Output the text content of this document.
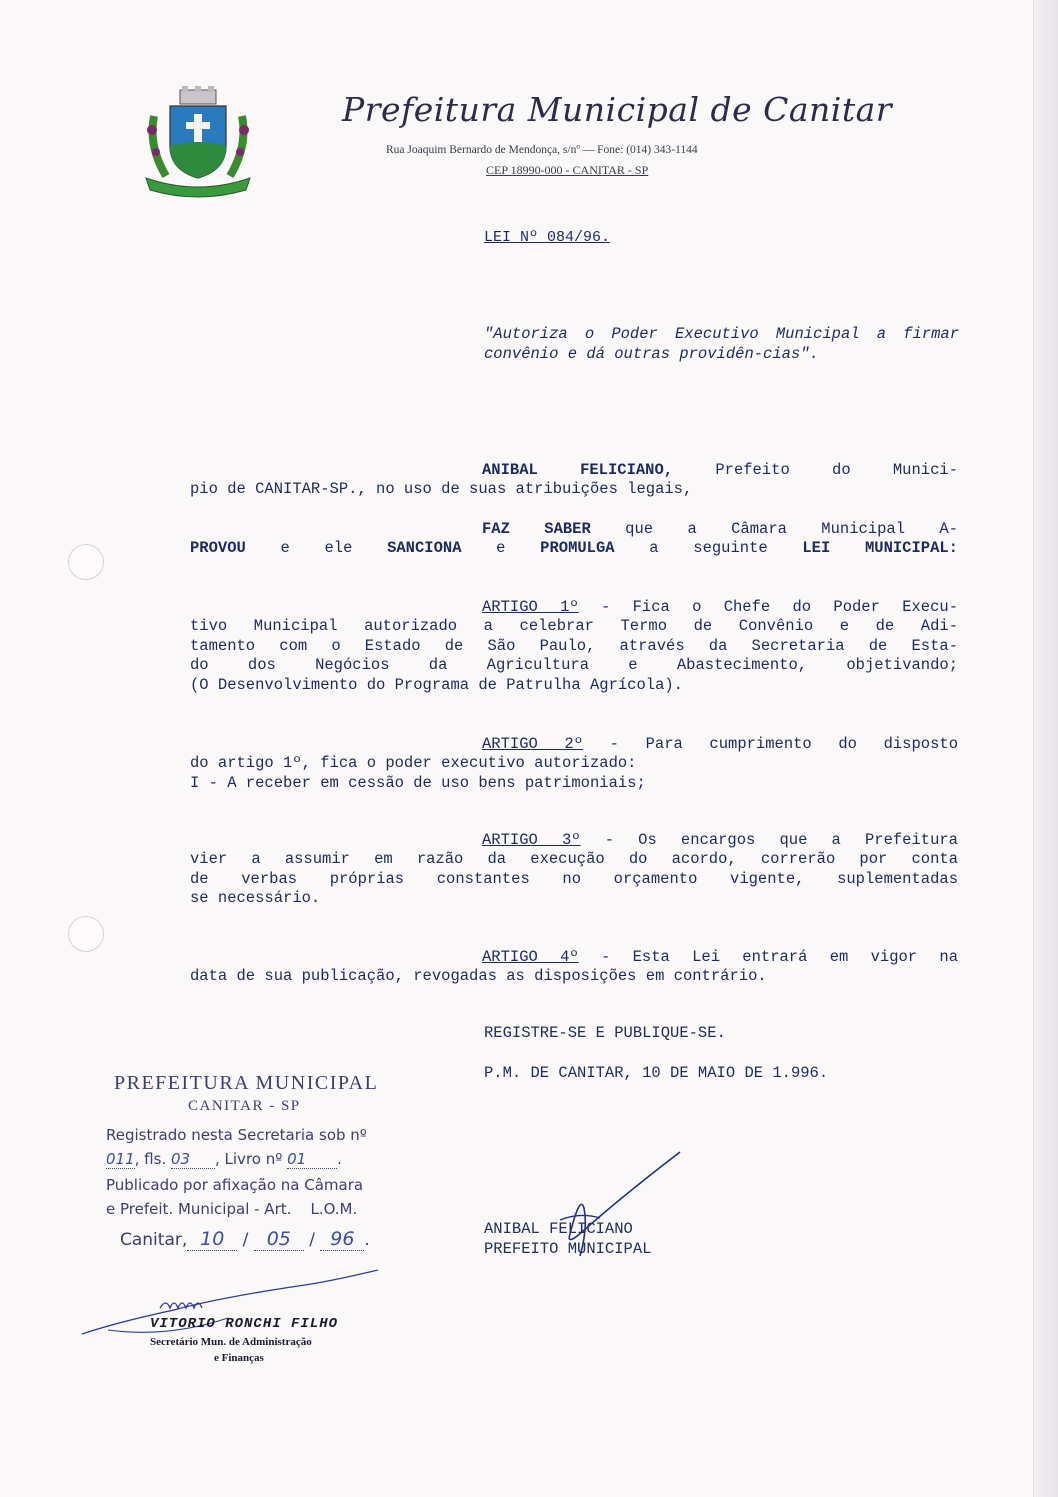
Prefeitura Municipal de Canitar
Rua Joaquim Bernardo de Mendonça, s/nº — Fone: (014) 343-1144
CEP 18990-000 - CANITAR - SP
LEI Nº 084/96.
"Autoriza o Poder Executivo Municipal a firmar convênio e dá outras providên-cias".
ANIBAL FELICIANO, Prefeito do Munici-
pio de CANITAR-SP., no uso de suas atribuições legais,
FAZ SABER que a Câmara Municipal A-
PROVOU e ele SANCIONA e PROMULGA a seguinte LEI MUNICIPAL:
ARTIGO 1º - Fica o Chefe do Poder Execu-
tivo Municipal autorizado a celebrar Termo de Convênio e de Adi-
tamento com o Estado de São Paulo, através da Secretaria de Esta-
do dos Negócios da Agricultura e Abastecimento, objetivando;
(O Desenvolvimento do Programa de Patrulha Agrícola).
ARTIGO 2º - Para cumprimento do disposto
do artigo 1º, fica o poder executivo autorizado:
I - A receber em cessão de uso bens patrimoniais;
ARTIGO 3º - Os encargos que a Prefeitura
vier a assumir em razão da execução do acordo, correrão por conta
de verbas próprias constantes no orçamento vigente, suplementadas
se necessário.
ARTIGO 4º - Esta Lei entrará em vigor na
data de sua publicação, revogadas as disposições em contrário.
REGISTRE-SE E PUBLIQUE-SE.
P.M. DE CANITAR, 10 DE MAIO DE 1.996.
ANIBAL FELICIANO
PREFEITO MUNICIPAL
PREFEITURA MUNICIPAL
CANITAR - SP
Registrado nesta Secretaria sob nº
011, fls. 03 , Livro nº 01 .
Publicado por afixação na Câmara
e Prefeit. Municipal - Art.    L.O.M.
Canitar, 10 / 05 / 96 .
VITORIO RONCHI FILHO
Secretário Mun. de Administração
e Finanças
